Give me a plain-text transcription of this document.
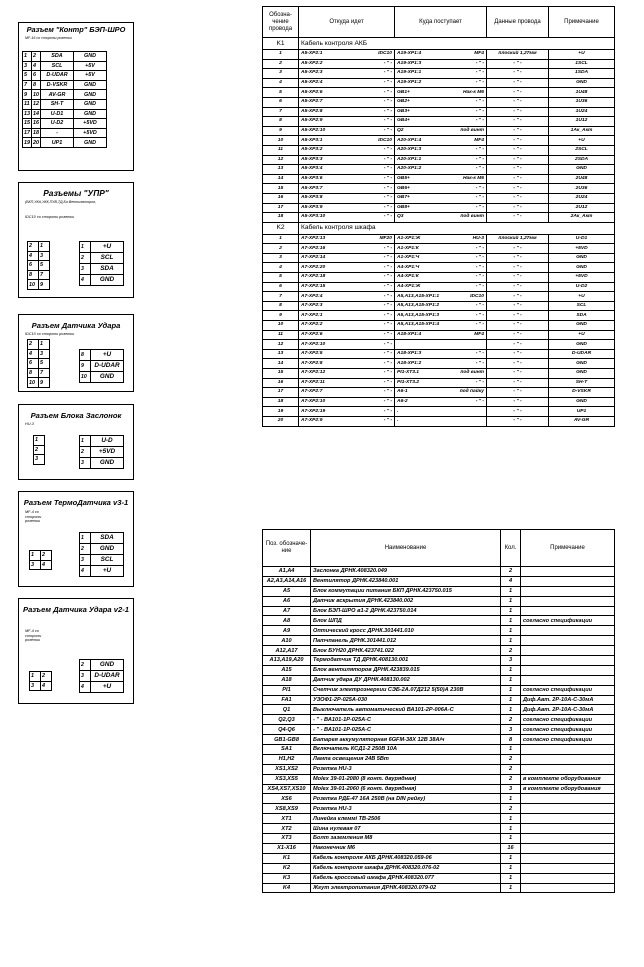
Разъем "Контр" БЭП-ШРО
МF-16 со стороны розетки
1	2	SDA	GND
3	4	SCL	+5V
5	6	D-UDAR	+5V
7	8	D-VSKR	GND
9	10	AV-GR	GND
11	12	SH-T	GND
13	14	U-D1	GND
15	16	U-D2	+5VD
17	18	-	+5VD
19	20	UP1	GND
Разъемы "УПР"
(БКП,УКА,УКК,ПУВ,ТД,Бл.Вентиляторов,
IDC10 со стороны розетки
2	1
4	3
6	5
8	7
10	9
1	+U
2	SCL
3	SDA
4	GND
Разъем Датчика Удара
IDC10 со стороны розетки
2	1
4	3
6	5
8	7
10	9
8	+U
9	D-UDAR
10	GND
Разъем Блока Заслонок
HU-3
1
2
3
1	U-D
2	+5VD
3	GND
Разъем ТермоДатчика v3-1
MF-4 со стороны розетки
1	2
3	4
1	SDA
2	GND
3	SCL
4	+U
Разъем Датчика Удара v2-1
MF-4 со стороны розетки
1	2
3	4
2	GND
3	D-UDAR
4	+U
Обозна-чение провода	Откуда идет	Куда поступает	Данные провода	Примечание
K1	Кабель контроля АКБ			
1	A5-XP2:1 IDC10	A19-XP1:4 MF4	плоский 1,27мм	+U
2	A5-XP2:2 - " -	A19-XP1:3 - " -	- " -	1SCL
3	A5-XP2:3 - " -	A19-XP1:1 - " -	- " -	1SDA
4	A5-XP2:4 - " -	A19-XP1:2 - " -	- " -	GND
5	A5-XP2:6 - " -	GB1+ Нак-к M6	- " -	1U48
6	A5-XP2:7 - " -	GB2+ - " -	- " -	1U36
7	A5-XP2:8 - " -	GB3+ - " -	- " -	1U24
8	A5-XP2:9 - " -	GB4+ - " -	- " -	1U12
9	A5-XP2:10 - " -	Q2 под винт	- " -	1Ак_Акт
10	A5-XP3:1 IDC10	A20-XP1:4 MF4	- " -	+U
11	A5-XP3:2 - " -	A20-XP1:3 - " -	- " -	2SCL
12	A5-XP3:3 - " -	A20-XP1:1 - " -	- " -	2SDA
13	A5-XP3:4 - " -	A20-XP1:2 - " -	- " -	GND
14	A5-XP3:6 - " -	GB5+ Нак-к M6	- " -	2U48
15	A5-XP3:7 - " -	GB6+ - " -	- " -	2U36
16	A5-XP3:8 - " -	GB7+ - " -	- " -	2U24
17	A5-XP3:9 - " -	GB8+ - " -	- " -	2U12
18	A5-XP3:10 - " -	Q3 под винт	- " -	2Ак_Акт
K2	Кабель контроля шкафа			
1	A7-XP2:13 MF20	A1-XP1:Ж HU-3	плоский 1,27мм	U-D1
2	A7-XP2:16 - " -	A1-XP1:К - " -	- " -	+5VD
3	A7-XP2:14 - " -	A1-XP1:Ч - " -	- " -	GND
4	A7-XP2:20 - " -	A4-XP1:Ч - " -	- " -	GND
5	A7-XP2:18 - " -	A4-XP1:К - " -	- " -	+5VD
6	A7-XP2:15 - " -	A4-XP1:Ж - " -	- " -	U-D2
7	A7-XP2:4 - " -	A5,A13,A15-XP1:1 IDC10	- " -	+U
8	A7-XP2:3 - " -	A5,A13,A15-XP1:2 - " -	- " -	SCL
9	A7-XP2:1 - " -	A5,A13,A15-XP1:3 - " -	- " -	SDA
10	A7-XP2:2 - " -	A5,A13,A15-XP1:4 - " -	- " -	GND
11	A7-XP2:6 - " -	A18-XP1:4 MF4	- " -	+U
12	A7-XP2:10 - " -		- " -	GND
13	A7-XP2:5 - " -	A18-XP1:3 - " -	- " -	D-UDAR
14	A7-XP2:8 - " -	A18-XP1:2 - " -	- " -	GND
15	A7-XP2:12 - " -	PI1-XT3.1 под винт	- " -	GND
16	A7-XP2:11 - " -	PI1-XT3.2 - " -	- " -	SH-T
17	A7-XP2:7 - " -	A6-1 под пайку	- " -	D-VSKR
18	A7-XP2:10 - " -	A6-2 - " -	- " -	GND
19	A7-XP2:19 - " -	.	- " -	UP1
20	A7-XP2:9 - " -	.	- " -	AV-GR
Поз. обозначе-ние	Наименование	Кол.	Примечание
A1,A4	Заслонка ДРНК.408320.049	2	
A2,A3,A14,A16	Вентилятор ДРНК.423840.001	4	
A5	Блок коммутации питания БКП ДРНК.423750.015	1	
A6	Датчик вскрытия ДРНК.423840.002	1	
A7	Блок БЭП-ШРО в1-2 ДРНК.423750.014	1	
A8	Блок ШПД	1	согласно спецификации
A9	Оптический кросс ДРНК.301441.010	1	
A10	Патчпанель ДРНК.301441.012	1	
A12,A17	Блок БУН20 ДРНК.423741.022	2	
A13,A19,A20	Термодатчик ТД ДРНК.408130.001	3	
A15	Блок вентиляторов ДРНК.423839.015	1	
A18	Датчик удара ДУ ДРНК.408130.002	1	
PI1	Счетчик электроэнергии СЭБ-2А.07Д212 5(50)А 230В	1	согласно спецификации
FA1	УЗОФ1-2Р-025А-030	1	Диф.Авт. 2Р-10А-С-30мА
Q1	Выключатель автоматический ВА101-2Р-006А-С	1	Диф.Авт. 2Р-10А-С-30мА
Q2,Q3	- " - ВА101-1Р-025А-С	2	согласно спецификации
Q4-Q6	- " - ВА101-1Р-025А-С	3	согласно спецификации
GB1-GB8	Батарея аккумуляторная 6GFM-38Х 12В 38А/ч	8	согласно спецификации
SA1	Включатель КСД1-2 250В 10А	1	
H1,H2	Лампа освещения 24В 5Вт	2	
XS1,XS2	Розетка HU-3	2	
XS3,XS5	Molex 39-01-2080 (8 конт. двурядная)	2	в комплекте оборудования
XS4,XS7,XS10	Molex 39-01-2060 (6 конт. двурядная)	3	в комплекте оборудования
XS6	Розетка РДЕ-47 16А 250В (на DIN рейку)	1	
XS8,XS9	Розетка HU-3	2	
XT1	Линейка клеммі ТВ-2506	1	
XT2	Шина нулевая 07	1	
XT3	Болт заземления М8	1	
X1-X16	Наконечник M6	16	
K1	Кабель контроля АКБ ДРНК.408320.059-06	1	
K2	Кабель контроля шкафа ДРНК.408320.076-02	1	
K3	Кабель кроссовый шкафа ДРНК.408320.077	1	
K4	Жгут электропитания ДРНК.408320.079-02	1	
